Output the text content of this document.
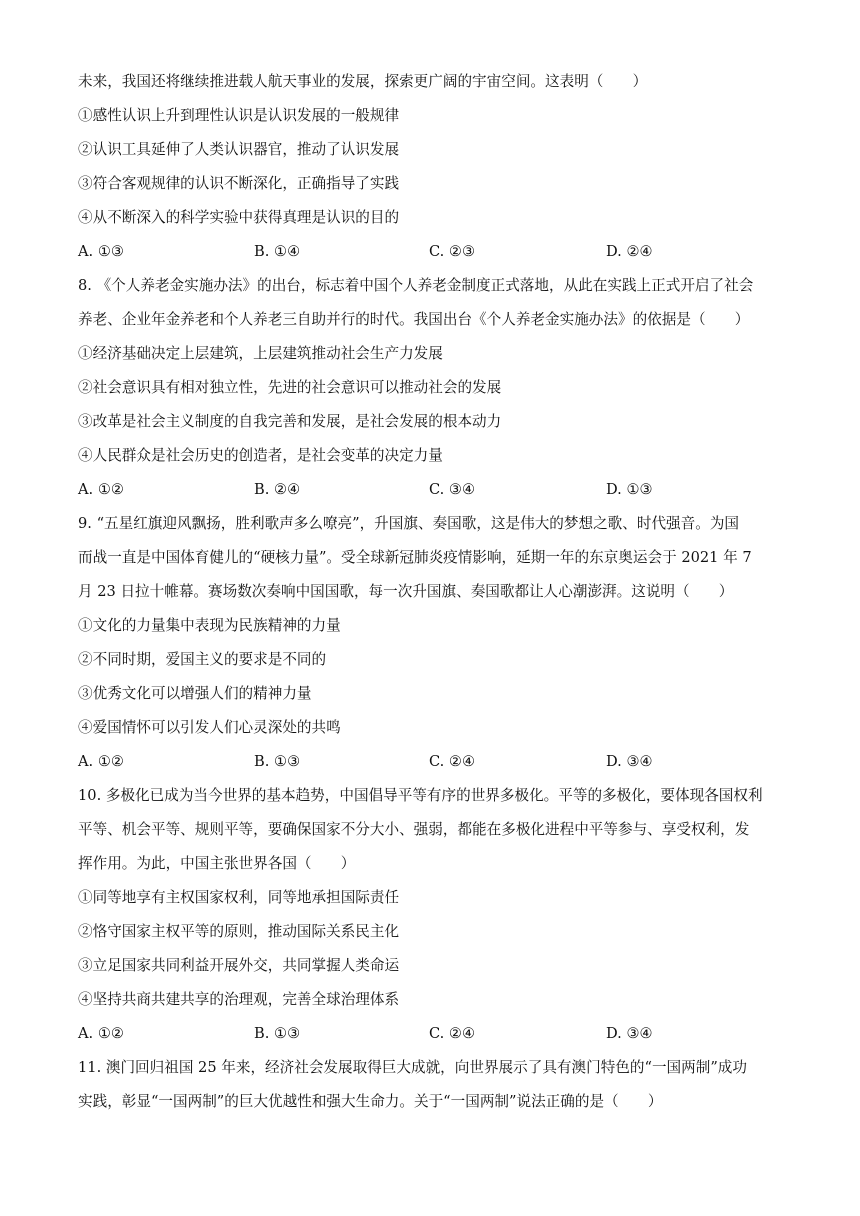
未来，我国还将继续推进载人航天事业的发展，探索更广阔的宇宙空间。这表明（　　）
①感性认识上升到理性认识是认识发展的一般规律
②认识工具延伸了人类认识器官，推动了认识发展
③符合客观规律的认识不断深化，正确指导了实践
④从不断深入的科学实验中获得真理是认识的目的
A. ①③	B. ①④	C. ②③	D. ②④
8. 《个人养老金实施办法》的出台，标志着中国个人养老金制度正式落地，从此在实践上正式开启了社会
养老、企业年金养老和个人养老三自助并行的时代。我国出台《个人养老金实施办法》的依据是（　　）
①经济基础决定上层建筑，上层建筑推动社会生产力发展
②社会意识具有相对独立性，先进的社会意识可以推动社会的发展
③改革是社会主义制度的自我完善和发展，是社会发展的根本动力
④人民群众是社会历史的创造者，是社会变革的决定力量
A. ①②	B. ②④	C. ③④	D. ①③
9. “五星红旗迎风飘扬，胜利歌声多么嘹亮”，升国旗、奏国歌，这是伟大的梦想之歌、时代强音。为国
而战一直是中国体育健儿的“硬核力量”。受全球新冠肺炎疫情影响，延期一年的东京奥运会于 2021 年 7
月 23 日拉十帷幕。赛场数次奏响中国国歌，每一次升国旗、奏国歌都让人心潮澎湃。这说明（　　）
①文化的力量集中表现为民族精神的力量
②不同时期，爱国主义的要求是不同的
③优秀文化可以增强人们的精神力量
④爱国情怀可以引发人们心灵深处的共鸣
A. ①②	B. ①③	C. ②④	D. ③④
10. 多极化已成为当今世界的基本趋势，中国倡导平等有序的世界多极化。平等的多极化，要体现各国权利
平等、机会平等、规则平等，要确保国家不分大小、强弱，都能在多极化进程中平等参与、享受权利，发
挥作用。为此，中国主张世界各国（　　）
①同等地享有主权国家权利，同等地承担国际责任
②恪守国家主权平等的原则，推动国际关系民主化
③立足国家共同利益开展外交，共同掌握人类命运
④坚持共商共建共享的治理观，完善全球治理体系
A. ①②	B. ①③	C. ②④	D. ③④
11. 澳门回归祖国 25 年来，经济社会发展取得巨大成就，向世界展示了具有澳门特色的“一国两制”成功
实践，彰显“一国两制”的巨大优越性和强大生命力。关于“一国两制”说法正确的是（　　）
